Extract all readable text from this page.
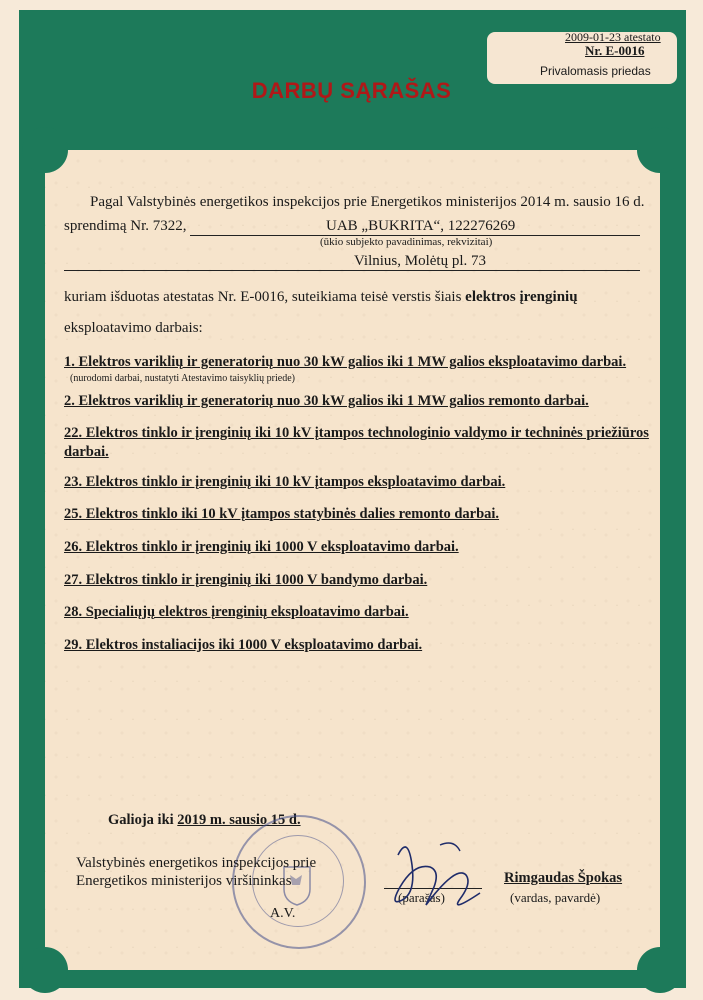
2009-01-23 atestato
Nr. E-0016
Privalomasis priedas
DARBŲ SĄRAŠAS
Pagal Valstybinės energetikos inspekcijos prie Energetikos ministerijos 2014 m. sausio 16 d.
sprendimą Nr. 7322,	UAB „BUKRITA“, 122276269
(ūkio subjekto pavadinimas, rekvizitai)
Vilnius, Molėtų pl. 73
kuriam išduotas atestatas Nr. E-0016, suteikiama teisė verstis šiais elektros įrenginių
eksploatavimo darbais:
1. Elektros variklių ir generatorių nuo 30 kW galios iki 1 MW galios eksploatavimo darbai.
(nurodomi darbai, nustatyti Atestavimo taisyklių priede)
2. Elektros variklių ir generatorių nuo 30 kW galios iki 1 MW galios remonto darbai.
22. Elektros tinklo ir įrenginių iki 10 kV įtampos technologinio valdymo ir techninės priežiūros darbai.
23. Elektros tinklo ir įrenginių iki 10 kV įtampos eksploatavimo darbai.
25. Elektros tinklo iki 10 kV įtampos statybinės dalies remonto darbai.
26. Elektros tinklo ir įrenginių iki 1000 V eksploatavimo darbai.
27. Elektros tinklo ir įrenginių iki 1000 V bandymo darbai.
28. Specialiųjų elektros įrenginių eksploatavimo darbai.
29. Elektros instaliacijos iki 1000 V eksploatavimo darbai.
Galioja iki 2019 m. sausio 15 d.
Valstybinės energetikos inspekcijos prie
Energetikos ministerijos viršininkas
A.V.
(parašas)
Rimgaudas Špokas
(vardas, pavardė)
